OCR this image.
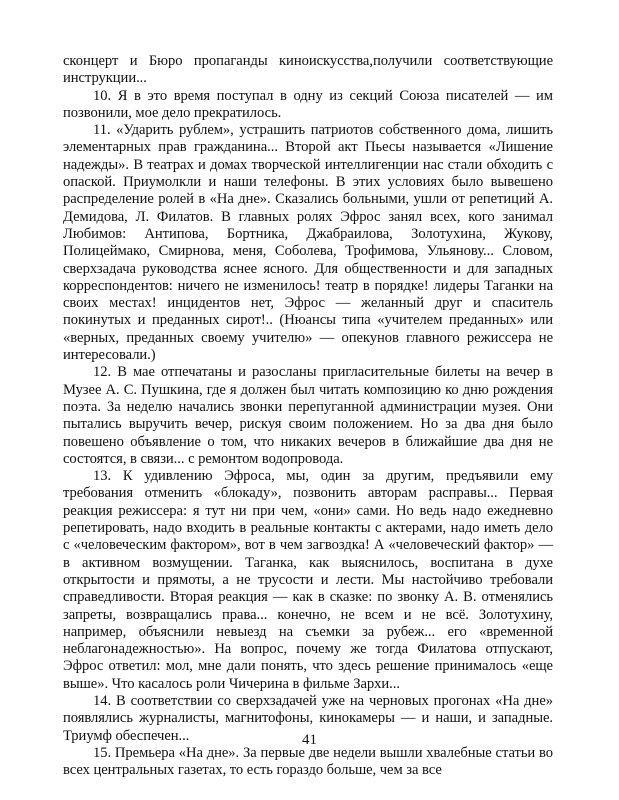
сконцерт и Бюро пропаганды киноискусства,получили соответствующие инструкции...

10. Я в это время поступал в одну из секций Союза писателей — им позвонили, мое дело прекратилось.

11. «Ударить рублем», устрашить патриотов собственного дома, лишить элементарных прав гражданина... Второй акт Пьесы называется «Лишение надежды». В театрах и домах творческой интеллигенции нас стали обходить с опаской. Приумолкли и наши телефоны. В этих условиях было вывешено распределение ролей в «На дне». Сказались больными, ушли от репетиций А. Демидова, Л. Филатов. В главных ролях Эфрос занял всех, кого занимал Любимов: Антипова, Бортника, Джабраилова, Золотухина, Жукову, Полицеймако, Смирнова, меня, Соболева, Трофимова, Ульянову... Словом, сверхзадача руководства яснее ясного. Для общественности и для западных корреспондентов: ничего не изменилось! театр в порядке! лидеры Таганки на своих местах! инцидентов нет, Эфрос — желанный друг и спаситель покинутых и преданных сирот!.. (Нюансы типа «учителем преданных» или «верных, преданных своему учителю» — опекунов главного режиссера не интересовали.)

12. В мае отпечатаны и разосланы пригласительные билеты на вечер в Музее А. С. Пушкина, где я должен был читать композицию ко дню рождения поэта. За неделю начались звонки перепуганной администрации музея. Они пытались выручить вечер, рискуя своим положением. Но за два дня было повешено объявление о том, что никаких вечеров в ближайшие два дня не состоятся, в связи... с ремонтом водопровода.

13. К удивлению Эфроса, мы, один за другим, предъявили ему требования отменить «блокаду», позвонить авторам расправы... Первая реакция режиссера: я тут ни при чем, «они» сами. Но ведь надо ежедневно репетировать, надо входить в реальные контакты с актерами, надо иметь дело с «человеческим фактором», вот в чем загвоздка! А «человеческий фактор» — в активном возмущении. Таганка, как выяснилось, воспитана в духе открытости и прямоты, а не трусости и лести. Мы настойчиво требовали справедливости. Вторая реакция — как в сказке: по звонку А. В. отменялись запреты, возвращались права... конечно, не всем и не всё. Золотухину, например, объяснили невыезд на съемки за рубеж... его «временной неблагонадежностью». На вопрос, почему же тогда Филатова отпускают, Эфрос ответил: мол, мне дали понять, что здесь решение принималось «еще выше». Что касалось роли Чичерина в фильме Зархи...

14. В соответствии со сверхзадачей уже на черновых прогонах «На дне» появлялись журналисты, магнитофоны, кинокамеры — и наши, и западные. Триумф обеспечен...

15. Премьера «На дне». За первые две недели вышли хвалебные статьи во всех центральных газетах, то есть гораздо больше, чем за все

41
